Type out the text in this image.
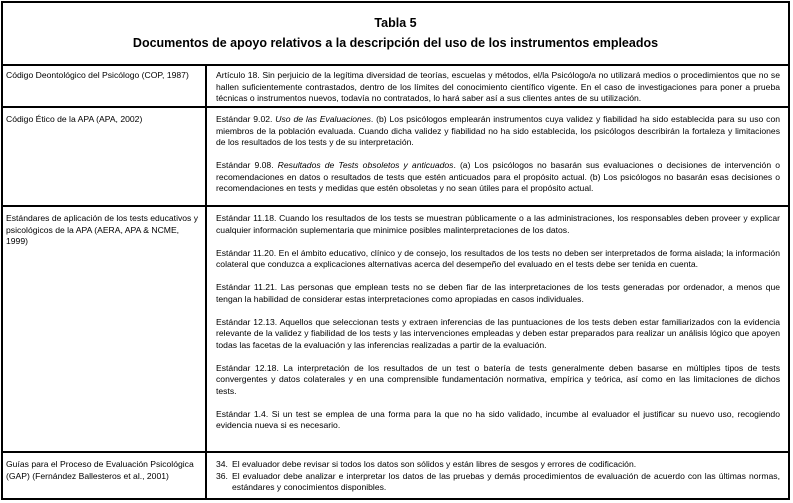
Tabla 5
Documentos de apoyo relativos a la descripción del uso de los instrumentos empleados
Código Deontológico del Psicólogo (COP, 1987)	Artículo 18. Sin perjuicio de la legítima diversidad de teorías, escuelas y métodos, el/la Psicólogo/a no utilizará medios o procedimientos que no se hallen suficientemente contrastados, dentro de los límites del conocimiento científico vigente. En el caso de investigaciones para poner a prueba técnicas o instrumentos nuevos, todavía no contratados, lo hará saber así a sus clientes antes de su utilización.

Código Ético de la APA (APA, 2002)	Estándar 9.02. Uso de las Evaluaciones. (b) Los psicólogos emplearán instrumentos cuya validez y fiabilidad ha sido establecida para su uso con miembros de la población evaluada. Cuando dicha validez y fiabilidad no ha sido establecida, los psicólogos describirán la fortaleza y limitaciones de los resultados de los tests y de su interpretación.

Estándar 9.08. Resultados de Tests obsoletos y anticuados. (a) Los psicólogos no basarán sus evaluaciones o decisiones de intervención o recomendaciones en datos o resultados de tests que estén anticuados para el propósito actual. (b) Los psicólogos no basarán esas decisiones o recomendaciones en tests y medidas que estén obsoletas y no sean útiles para el propósito actual.

Estándares de aplicación de los tests educativos y psicológicos de la APA (AERA, APA & NCME, 1999)

Estándar 11.18. Cuando los resultados de los tests se muestran públicamente o a las administraciones, los responsables deben proveer y explicar cualquier información suplementaria que minimice posibles malinterpretaciones de los datos.

Estándar 11.20. En el ámbito educativo, clínico y de consejo, los resultados de los tests no deben ser interpretados de forma aislada; la información colateral que conduzca a explicaciones alternativas acerca del desempeño del evaluado en el tests debe ser tenida en cuenta.

Estándar 11.21. Las personas que emplean tests no se deben fiar de las interpretaciones de los tests generadas por ordenador, a menos que tengan la habilidad de considerar estas interpretaciones como apropiadas en casos individuales.

Estándar 12.13. Aquellos que seleccionan tests y extraen inferencias de las puntuaciones de los tests deben estar familiarizados con la evidencia relevante de la validez y fiabilidad de los tests y las intervenciones empleadas y deben estar preparados para realizar un análisis lógico que apoyen todas las facetas de la evaluación y las inferencias realizadas a partir de la evaluación.

Estándar 12.18. La interpretación de los resultados de un test o batería de tests generalmente deben basarse en múltiples tipos de tests convergentes y datos colaterales y en una comprensible fundamentación normativa, empírica y teórica, así como en las limitaciones de dichos tests.

Estándar 1.4. Si un test se emplea de una forma para la que no ha sido validado, incumbe al evaluador el justificar su nuevo uso, recogiendo evidencia nueva si es necesario.

Guías para el Proceso de Evaluación Psicológica (GAP) (Fernández Ballesteros et al., 2001)
34. El evaluador debe revisar si todos los datos son sólidos y están libres de sesgos y errores de codificación.
36. El evaluador debe analizar e interpretar los datos de las pruebas y demás procedimientos de evaluación de acuerdo con las últimas normas, estándares y conocimientos disponibles.
